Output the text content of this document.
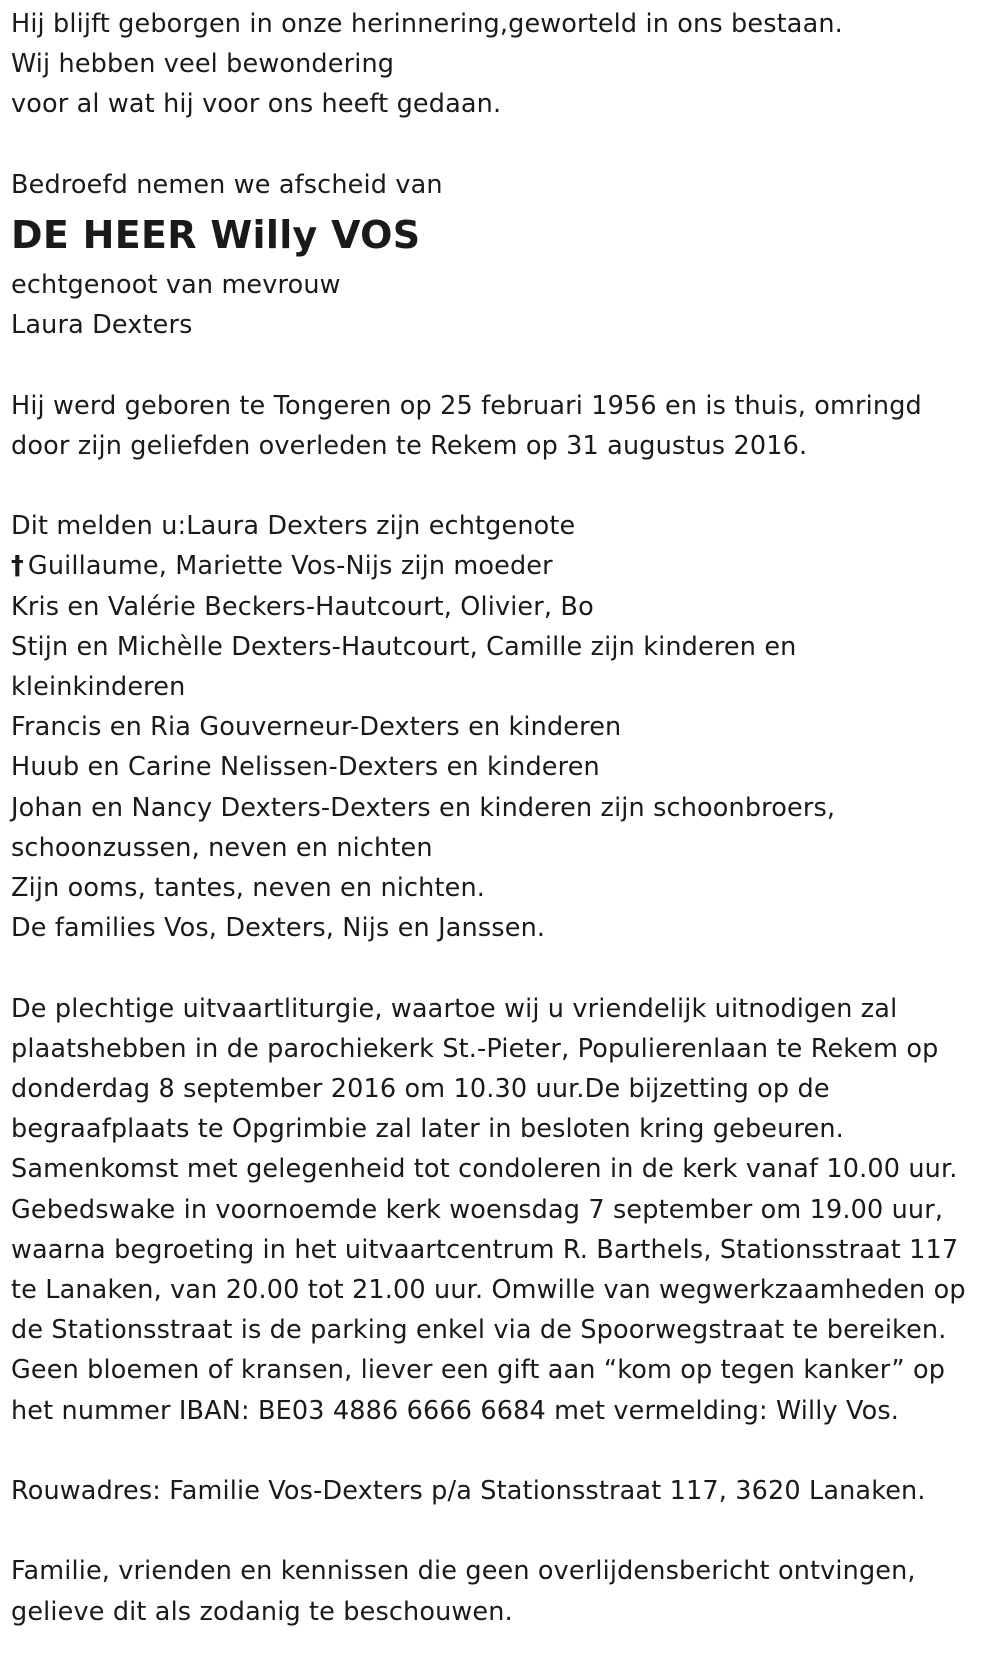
Hij blijft geborgen in onze herinnering,geworteld in ons bestaan.
Wij hebben veel bewondering
voor al wat hij voor ons heeft gedaan.
Bedroefd nemen we afscheid van
DE HEER Willy VOS
echtgenoot van mevrouw
Laura Dexters
Hij werd geboren te Tongeren op 25 februari 1956 en is thuis, omringd
door zijn geliefden overleden te Rekem op 31 augustus 2016.
Dit melden u:Laura Dexters zijn echtgenote
† Guillaume, Mariette Vos-Nijs zijn moeder
Kris en Valérie Beckers-Hautcourt, Olivier, Bo
Stijn en Michèlle Dexters-Hautcourt, Camille zijn kinderen en
kleinkinderen
Francis en Ria Gouverneur-Dexters en kinderen
Huub en Carine Nelissen-Dexters en kinderen
Johan en Nancy Dexters-Dexters en kinderen zijn schoonbroers,
schoonzussen, neven en nichten
Zijn ooms, tantes, neven en nichten.
De families Vos, Dexters, Nijs en Janssen.
De plechtige uitvaartliturgie, waartoe wij u vriendelijk uitnodigen zal
plaatshebben in de parochiekerk St.-Pieter, Populierenlaan te Rekem op
donderdag 8 september 2016 om 10.30 uur.De bijzetting op de
begraafplaats te Opgrimbie zal later in besloten kring gebeuren.
Samenkomst met gelegenheid tot condoleren in de kerk vanaf 10.00 uur.
Gebedswake in voornoemde kerk woensdag 7 september om 19.00 uur,
waarna begroeting in het uitvaartcentrum R. Barthels, Stationsstraat 117
te Lanaken, van 20.00 tot 21.00 uur. Omwille van wegwerkzaamheden op
de Stationsstraat is de parking enkel via de Spoorwegstraat te bereiken.
Geen bloemen of kransen, liever een gift aan “kom op tegen kanker” op
het nummer IBAN: BE03 4886 6666 6684 met vermelding: Willy Vos.
Rouwadres: Familie Vos-Dexters p/a Stationsstraat 117, 3620 Lanaken.
Familie, vrienden en kennissen die geen overlijdensbericht ontvingen,
gelieve dit als zodanig te beschouwen.
